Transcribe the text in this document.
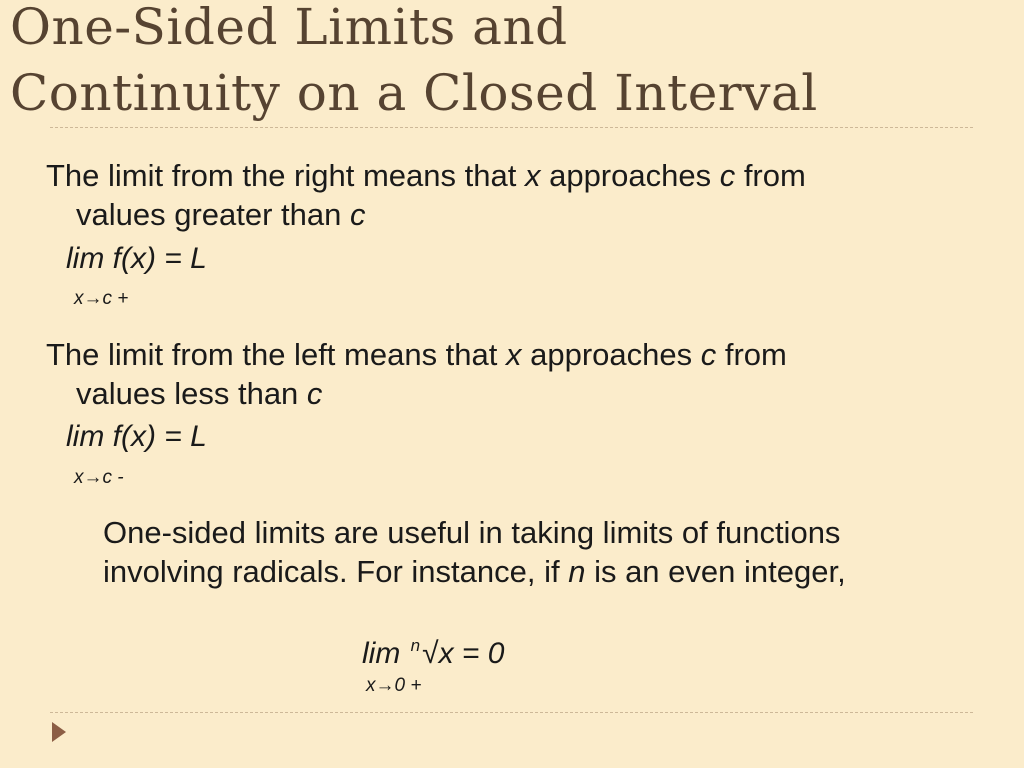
One-Sided Limits and
Continuity on a Closed Interval

The limit from the right means that x approaches c from
values greater than c

lim f(x) = L
x→c +

The limit from the left means that x approaches c from
values less than c

lim f(x) = L
x→c -

One-sided limits are useful in taking limits of functions
involving radicals. For instance, if n is an even integer,

lim $^n$√x = 0
x→0 +
